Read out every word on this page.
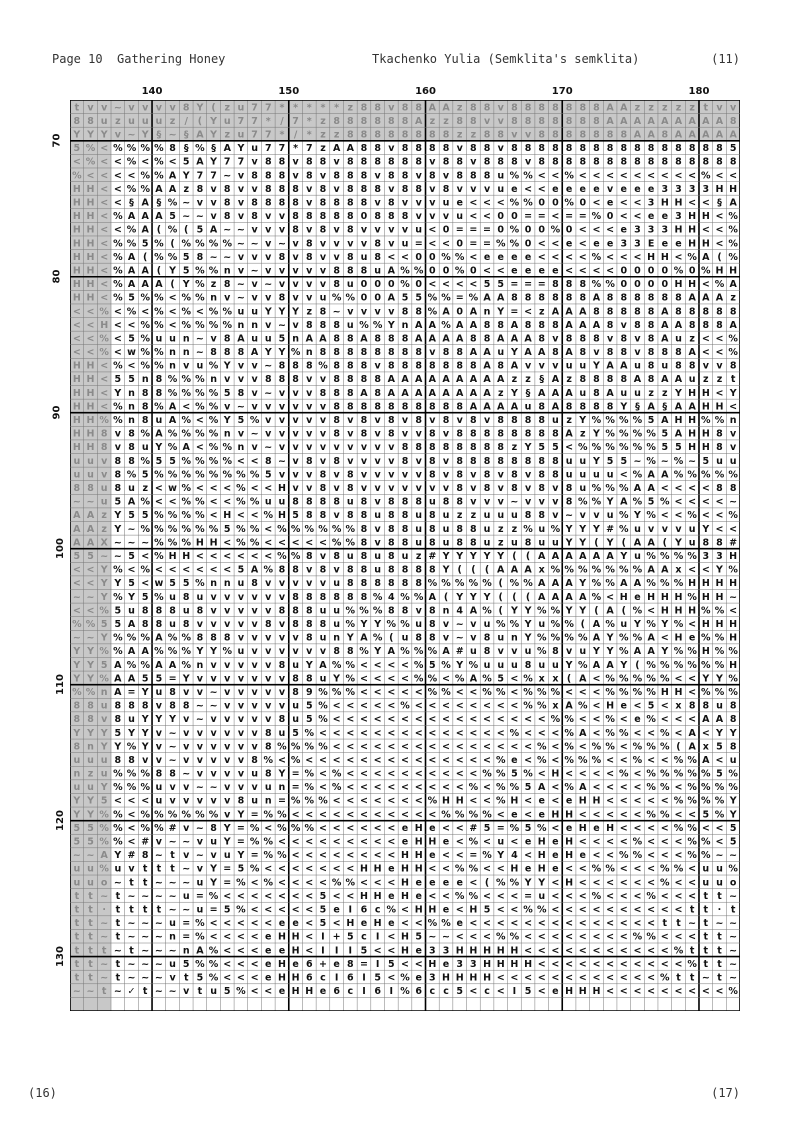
Page 10 Gathering Honey	Tkachenko Yulia (Semklita's semklita)	(11)
140	150	160	170	180
70
80
90
100
110
120
130
t v v ~ v v v v 8 Y ( z u 7 7 * * * * * z 8 8 v 8 8 A A z 8 8 v 8 8 8 8 8 8 8 A A z z z z z t v v
8 8 u z u u u z / ( Y u 7 7 * / 7 * z 8 8 8 8 8 8 A z z 8 8 v v 8 8 8 8 8 8 8 A A A A A A A A A 8
Y Y Y v ~ Y § ~ § A Y z u 7 7 * / * z z 8 8 8 8 8 8 8 8 z z 8 8 v v 8 8 8 8 8 8 8 A A 8 A A A A A
5 % < % % % % 8 § % § A Y u 7 7 * 7 z A A 8 8 v 8 8 8 8 v 8 8 v 8 8 8 8 8 8 8 8 8 8 8 8 8 8 8 8 5
< % < < % < % < 5 A Y 7 7 v 8 8 v 8 8 v 8 8 8 8 8 8 v 8 8 v 8 8 8 v 8 8 8 8 8 8 8 8 8 8 8 8 8 8 8
% < < < < % % A Y 7 7 ~ v 8 8 8 v 8 v 8 8 8 v 8 8 v 8 v 8 8 8 u % % < < % < < < < < < < < < % < <
H H < < % % A A z 8 v 8 v v 8 8 8 v 8 v 8 8 8 v 8 8 v 8 v v v u e < < e e e e v e e e 3 3 3 3 H H
H H < < § A § % ~ v v 8 v 8 8 8 8 v 8 8 8 8 v 8 v v v u e < < < % % 0 0 % 0 < e < < 3 H H < < § A
H H < % A A A 5 ~ ~ v 8 v 8 v v 8 8 8 8 8 0 8 8 8 v v v u < < 0 0 = = < = = % 0 < < e e 3 H H < %
H H < < % A ( % ( 5 A ~ ~ v v v 8 v 8 v 8 v v v v u < 0 = = = 0 % 0 0 % 0 < < < e 3 3 3 H H < < %
H H < % % 5 % ( % % % % ~ ~ v ~ v 8 v v v v 8 v u = < < 0 = = % % 0 < < e < e e 3 3 E e e H H < %
H H < % A ( % % 5 8 ~ ~ v v v 8 v 8 v v 8 u 8 < < 0 0 % % < e e e e < < < < % < < < H H < % A ( %
H H < % A A ( Y 5 % % n v ~ v v v v v 8 8 8 u A % % 0 0 % 0 < < e e e e < < < < 0 0 0 0 % 0 % H H
H H < % A A A ( Y % z 8 ~ v ~ v v v v 8 u 0 0 0 % 0 < < < < 5 5 = = = 8 8 8 % % 0 0 0 0 H H < % A
H H < % 5 % % < % % n v ~ v v 8 v v u % % 0 0 A 5 5 % % = % A A 8 8 8 8 8 8 A 8 8 8 8 8 8 A A A z
< < % < % < % < % < % % u u Y Y Y z 8 ~ v v v v 8 8 % A 0 A n Y = < z A A A 8 8 8 8 8 A 8 8 8 8 8
< < H < < % % < % % % % n n v ~ v 8 8 8 u % % Y n A A % A A 8 8 A 8 8 8 A A A 8 v 8 8 A A 8 8 8 A
< < % < 5 % u u n ~ v 8 A u u 5 n A A 8 8 A 8 8 8 A A A A 8 8 A A A 8 v 8 8 8 v 8 v 8 A u z < < %
< < % < w % % n n ~ 8 8 8 A Y Y % n 8 8 8 8 8 8 8 8 v 8 8 A A u Y A A 8 A 8 v 8 8 v 8 8 8 A < < %
H H < % < % % n v u % Y v v ~ 8 8 8 % 8 8 8 v 8 8 8 8 8 8 8 A 8 A v v v u u Y A A u 8 u 8 8 v v 8
H H < 5 5 n 8 % % % n v v v 8 8 8 v v 8 8 8 8 A A A A A A A A A z z § A z 8 8 8 8 A 8 A A u z z t
H H < Y n 8 8 % % % % 5 8 v ~ v v v 8 8 8 A 8 A A A A A A A A z Y § A A A u 8 A u u z z Y H H < Y
H H < % n 8 % A < % % v ~ v v v v v v 8 8 8 8 8 8 8 8 8 8 A A A A u 8 A 8 8 8 8 Y § A § A A H H <
H H % % n 8 u A % < % Y 5 % v v v v v 8 v 8 v 8 v 8 v 8 v 8 v 8 8 8 8 u z Y % % % % 5 A H H % % n
H H 8 v 8 % A % % % % n v ~ v v v v v 8 v 8 v 8 v v 8 v 8 8 8 8 8 8 8 8 A z Y % % % % 5 A H H 8 v
H H 8 v 8 u Y % A < % % n v ~ v v v v v v v v v 8 8 8 8 8 8 8 8 z Y 5 5 < % % % % % % 5 5 H H 8 v
u u v 8 8 % 5 5 % % % % < < 8 ~ v 8 v 8 v v v v 8 v 8 v 8 8 8 8 8 8 8 8 u u Y 5 5 ~ % ~ % ~ 5 u u
u u v 8 % 5 % % % % % % % % 5 v v v 8 v 8 v v v v v 8 v 8 v 8 v 8 v 8 8 u u u u < % A A % % % % %
8 8 u 8 u z < w % < < < % < < H v v 8 v 8 v v v v v v v 8 v 8 v 8 v 8 v 8 u % % % A A < < < < 8 8
~ ~ u 5 A % < < % % < < % % u u 8 8 8 8 u 8 v 8 8 8 u 8 8 v v v ~ v v v 8 % % Y A % 5 % < < < < ~
A A z Y 5 5 % % % % < H < < % H 5 8 8 v 8 8 u 8 8 u 8 u z z u u u 8 8 v ~ v v u % Y % < < % < < %
A A z Y ~ % % % % % % 5 % % < % % % % % % 8 v 8 8 u 8 u 8 8 u z z % u % Y Y Y # % u v v v u Y < <
A A X ~ ~ ~ % % % H H < % % < < < < < % % 8 v 8 8 u 8 u 8 8 u z u 8 u u Y Y ( Y ( A A ( Y u 8 8 #
5 5 ~ ~ 5 < % H H < < < < < < % % 8 v 8 u 8 u 8 u z # Y Y Y Y Y ( ( A A A A A A Y u % % % % 3 3 H
< < Y % < % < < < < < < 5 A % 8 8 v 8 v 8 8 u 8 8 8 8 Y ( ( ( A A A x % % % % % % % A A x < < Y %
< < Y Y 5 < w 5 5 % n n u 8 v v v v v u 8 8 8 8 8 8 % % % % % ( % % A A A Y % % A A % % % H H H H
~ ~ Y % Y 5 % u 8 u v v v v v v 8 8 8 8 8 8 % 4 % % A ( Y Y Y ( ( ( A A A A % < H e H H H % H H ~
< < % 5 u 8 8 8 u 8 v v v v v 8 8 8 u u % % % 8 8 v 8 n 4 A % ( Y Y % % Y Y ( A ( % < H H H % % <
% % 5 5 A 8 8 u 8 v v v v v 8 v 8 8 8 u % Y Y % % u 8 v ~ v u % % Y u % % ( A % u Y % Y % < H H H
~ ~ Y % % % A % % 8 8 8 v v v v v 8 u n Y A % ( u 8 8 v ~ v 8 u n Y % % % % A Y % % A < H e % % H
Y Y % % A A % % % Y Y % u v v v v v v 8 8 % Y A % % % A # u 8 v v u % 8 v u Y Y % A A Y % % H % %
Y Y 5 A % % A A % n v v v v v 8 u Y A % % < < < < % 5 % Y % u u u 8 u u Y % A A Y ( % % % % % % H
Y Y % A A 5 5 = Y v v v v v v v 8 8 u Y % < < < < % % < % A % 5 < % x x ( A < % % % % % < < Y Y %
% % n A = Y u 8 v v ~ v v v v v 8 9 % % % < < < < < % % < < % % < % % % < < < % % % % H H < % % %
8 8 u 8 8 8 v 8 8 ~ ~ v v v v v u 5 % < < < < < % < < < < < < < < % % x A % < H e < 5 < x 8 8 u 8
8 8 v 8 u Y Y Y v ~ v v v v v 8 u 5 % < < < < < < < < < < < < < < < < % % < < % < e % < < < A A 8
Y Y Y 5 Y Y v ~ v v v v v v 8 u 5 % < < < < < < < < < < < < < < % < < < % A < % % < < % < A < Y Y
8 n Y Y % Y v ~ v v v v v v 8 % % % % < < < < < < < < < < < < < < < % < % < % % < % % % ( A x 5 8
u u u 8 8 v v ~ v v v v v 8 % < % < < < < < < < < < < < < < < % e < % < % % % < < % < < % % A < u
n z u % % % 8 8 ~ v v v v u 8 Y = % < % < < < < < < < < < < % % 5 % < H < < < < % < % % % % % 5 %
u u Y % % % u v v ~ ~ v v v u n = % < % < < < < < < < < < % < % % 5 A < % A < < < < % % < % % % %
Y Y 5 < < < u v v v v v 8 u n = % % % < < < < < < < % H H < < % H < e < e H H < < < < < % % % % Y
Y Y % % < % % % % % % v Y = % % < < < < < < < < < < < % % % % < e < e H H < < < < < % % < < 5 % Y
5 5 % % < % % # v ~ 8 Y = % < % % % < < < < < < e H e < < # 5 = % 5 % < e H e H < < < < % % < < 5
5 5 % % < # v ~ ~ v u Y = % % < < < < < < < < < e H H e < % < u < e H e H < < < < % < < < % % < 5
~ ~ A Y # 8 ~ t v ~ v u Y = % % < < < < < < < < H H e < < = % Y 4 < H e H e < < % % < < < % % ~ ~
u u % u v t t t ~ v Y = 5 % < < < < < < < H H e H H < < % % < < H e H e < < % % < < < % % < u u %
u u o ~ t t ~ ~ ~ u Y = % < % < < < < % % < < < H e e e e < ( % % Y Y < H < < < < < < % < < u u o
t t ~ t ~ ~ ~ ~ u = % < < < < < < < 5 < < H H e H e < < % % < < < = u < < < % < < < % < < < t t ~
t t · t t t t ~ ~ u = 5 % < < < < < 5 e I 6 c % < H H e < H 5 < < % % < < < < < < < < < < t t · t
t t ~ t ~ ~ ~ u = % < < < < < e e < 5 < H e H e < < % % e < < < < < < < < < < < < < < t t ~ t ~ ~
t t ~ t ~ ~ ~ n = % < < < < e H H < I + 5 c I < H 5 ~ ~ < < < % % < < < < < < < < % % < < < t t ~
t t t ~ t ~ ~ ~ n A % < < < e e H < I I I 5 < < H e 3 3 H H H H H < < < < < < < < < < < % t t t ~
t t ~ t ~ ~ ~ u 5 % % < < < e H e 6 + e 8 = I 5 < < H e 3 3 H H H H < < < < < < < < < < < % t t ~
t t ~ t ~ ~ ~ v t 5 % < < < e H H 6 c I 6 I 5 < % e 3 H H H H < < < < < < < < < < < < % t t ~ t ~
~ ~ t ~ ✓ t ~ ~ v t u 5 % < < e H H e 6 c I 6 I % 6 c c 5 < c < I 5 < e H H H < < < < < < < < < %
(16)	(17)
